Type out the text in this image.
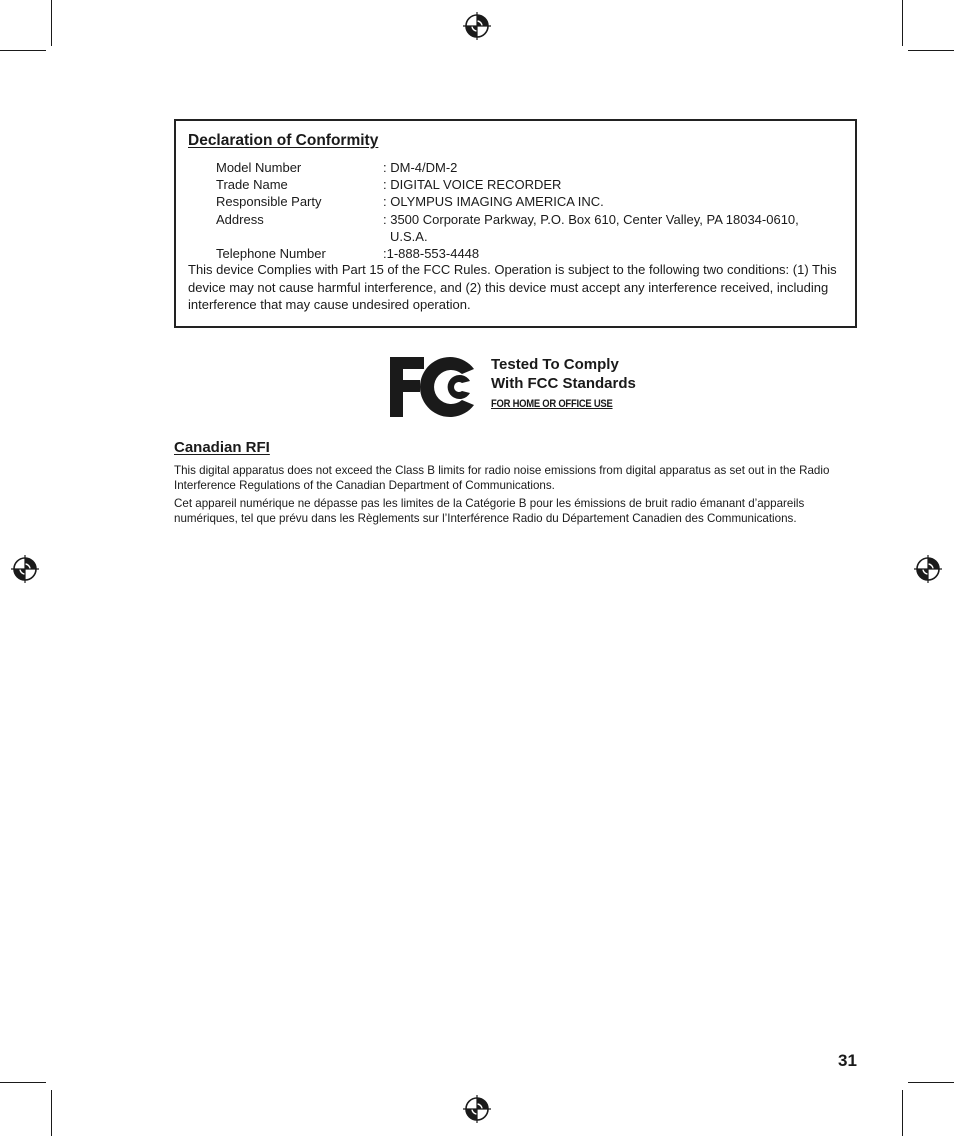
Declaration of Conformity
Model Number	: DM-4/DM-2
Trade Name	: DIGITAL VOICE RECORDER
Responsible Party	: OLYMPUS IMAGING AMERICA INC.
Address	: 3500 Corporate Parkway, P.O. Box 610, Center Valley, PA 18034-0610,
U.S.A.
Telephone Number	:1-888-553-4448
This device Complies with Part 15 of the FCC Rules. Operation is subject to the following two conditions: (1) This device may not cause harmful interference, and (2) this device must accept any interference received, including interference that may cause undesired operation.
Tested To Comply
With FCC Standards
FOR HOME OR OFFICE USE
Canadian RFI
This digital apparatus does not exceed the Class B limits for radio noise emissions from digital apparatus as set out in the Radio Interference Regulations of the Canadian Department of Communications.
Cet appareil numérique ne dépasse pas les limites de la Catégorie B pour les émissions de bruit radio émanant d’appareils numériques, tel que prévu dans les Règlements sur l’Interférence Radio du Département Canadien des Communications.
31
